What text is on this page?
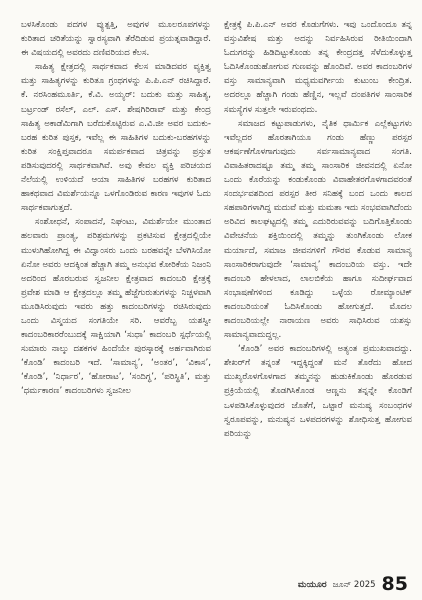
ಬಳಸಿಕೊಂಡು ಪದಗಳ ವ್ಯುತ್ಪತ್ತಿ, ಅವುಗಳ ಮೂಲರೂಪಗಳನ್ನು ಕುರಿತಾದ ಚರಿತೆಯನ್ನು ಸ್ವಾರಸ್ಯವಾಗಿ ತೆರೆದಿಡುವ ಪ್ರಯತ್ನವಾಡಿದ್ದಾರೆ. ಈ ವಿಷಯದಲ್ಲಿ ಅವರದು ದಣಿವರಿಯದ ಕೆಲಸ.

ಸಾಹಿತ್ಯ ಕ್ಷೇತ್ರದಲ್ಲಿ ಸಾರ್ಥಕವಾದ ಕೆಲಸ ಮಾಡಿದವರ ವ್ಯಕ್ತಿತ್ವ ಮತ್ತು ಸಾಹಿತ್ಯಗಳನ್ನು ಕುರಿತೂ ಗ್ರಂಥಗಳನ್ನು ಪಿ.ಪಿ.ಎನ್ ರಚಿಸಿದ್ದಾರೆ. ಕೆ. ನರಸಿಂಹಮೂರ್ತಿ, ಕೆ.ವಿ. ಅಯ್ಯರ್: ಬದುಕು ಮತ್ತು ಸಾಹಿತ್ಯ, ಬರ್ಟ್ರಂಡ್ ರಸೆಲ್, ಎಲ್. ಎಸ್. ಶೇಷಗಿರಿರಾವ್ ಮತ್ತು ಕೇಂದ್ರ ಸಾಹಿತ್ಯ ಅಕಾಡೆಮಿಗಾಗಿ ಬರೆದುಕೊಟ್ಟಿರುವ ಎ.ವಿ.ಜೀ ಅವರ ಬದುಕು-ಬರಹ ಕುರಿತ ಪುಸ್ತಕ, ಇವೆಲ್ಲ ಈ ಸಾಹಿತಿಗಳ ಬದುಕು-ಬರಹಗಳನ್ನು ಕುರಿತ ಸಂಕ್ಷಿಪ್ತವಾದರೂ ಸಮರ್ಪಕವಾದ ಚಿತ್ರವನ್ನು ಪ್ರಸ್ತುತ ಪಡಿಸುವುದರಲ್ಲಿ ಸಾರ್ಥಕವಾಗಿವೆ. ಅವು ಕೇವಲ ವ್ಯಕ್ತಿ ಪರಿಚಯದ ನೆಲೆಯಲ್ಲಿ ಉಳಿಯದೆ ಆಯಾ ಸಾಹಿತಿಗಳ ಬರಹಗಳ ಕುರಿತಾದ ಹಾಕಥವಾದ ವಿಮರ್ಶೆಯನ್ನೂ ಒಳಗೊಂಡಿರುವ ಕಾರಣ ಇವುಗಳ ಓದು ಸಾರ್ಥಕವಾಗುತ್ತದೆ.

ಸಂಶೋಧನೆ, ಸಂಪಾದನೆ, ನಿಘಂಟು, ವಿಮರ್ಶೆಯೇ ಮುಂತಾದ ಹಲವಾರು ಪ್ರಾಂತ್ಯ, ಪರಿಶ್ರಮಗಳನ್ನು ಪ್ರಕಟಿಸುವ ಕ್ಷೇತ್ರದಲ್ಲಿಯೇ ಮುಳುಗಿಹೋಗಿದ್ದ ಈ ವಿದ್ವಾಂಸರು ಒಂದು ಬರಹವನ್ನೇ ಬೆಳಗಿಸಿಯೋ ಏನೋ ಅವರು ಆದಕ್ಕಿಂತ ಹೆಚ್ಚಾಗಿ ತಮ್ಮ ಅನುಭವ ಕೋರಿಕೆಯ ನಿಜಂನಿ ಅದರಿಂದ ಹೊರಬರುವ ಸ್ವಜನೀಲ ಕ್ಷೇತ್ರವಾದ ಕಾದಂಬರಿ ಕ್ಷೇತ್ರಕ್ಕೆ ಪ್ರವೇಶ ಮಾಡಿ ಆ ಕ್ಷೇತ್ರದಲ್ಲೂ ತಮ್ಮ ಹೆಜ್ಜೆಗುರುತುಗಳನ್ನು ನಿಚ್ಚಳವಾಗಿ ಮೂಡಿಸಿರುವುದು ಇವರು ಹತ್ತು ಕಾದಂಬರಿಗಳನ್ನು ರಚಿಸಿರುವುದು ಒಂದು ವಿಸ್ಮಯದ ಸಂಗತಿಯೇ ಸರಿ. ಆವರೆಬ್ಬ ಯಶಸ್ವೀ ಕಾದಂಬರಿಕಾರರೆಂಬುದಕ್ಕೆ ಸಾಕ್ಷಿಯಾಗಿ ‘ಸುಧಾ’ ಕಾದಂಬರಿ ಸ್ಪರ್ಧೆಯಲ್ಲಿ ಸುಮಾರು ನಾಲ್ಕು ದಶಕಗಳ ಹಿಂದೆಯೇ ಪುರಸ್ಕಾರಕ್ಕೆ ಅರ್ಹವಾಗಿರುವ ‘ಕೊಂಡಿ’ ಕಾದಂಬರಿ ಇದೆ. ‘ಸಾಮಾನ್ಯ’, ‘ಅಂತರ’, ‘ವಿಕಾಸ’, ‘ಕೊಂಡಿ’, ‘ನಿರ್ಧಾರ’, ‘ಹೋರಾಟ’, ‘ಸಂದಿಗ್ಧ’, ‘ಪರಿಸ್ಥಿತಿ’, ಮತ್ತು ‘ಧರ್ಮಕಾರಣ’ ಕಾದಂಬರಿಗಳು ಸ್ವಜನೀಲ

ಕ್ಷೇತ್ರಕ್ಕೆ ಪಿ.ಪಿ.ಎನ್ ಅವರ ಕೊಡುಗೆಗಳು. ಇವು ಒಂದೊಂದೂ ತನ್ನ ವಸ್ತುವಿಶೇಷ ಮತ್ತು ಅದನ್ನು ನಿರ್ವಹಿಸಿರುವ ರೀತಿಯಿಂದಾಗಿ ಓದುಗರನ್ನು ಹಿಡಿದಿಟ್ಟುಕೊಂಡು ತನ್ನ ಕೇಂದ್ರದತ್ತ ಸೆಳೆದುಕೊಳ್ಳುತ್ತ ಓದಿಸಿಕೊಂಡುಹೋಗುವ ಗುಣವನ್ನು ಹೊಂದಿವೆ. ಅವರ ಕಾದಂಬರಿಗಳ ವಸ್ತು ಸಾಮಾನ್ಯವಾಗಿ ಮಧ್ಯಮವರ್ಗೀಯ ಕುಟುಂಬ ಕೇಂದ್ರಿತ. ಅದರಲ್ಲೂ ಹೆಚ್ಚಾಗಿ ಗಂಡು ಹೆಣ್ಣಿನ, ಇಲ್ಲವೆ ದಂಪತಿಗಳ ಸಾಂಸಾರಿಕ ಸಮಸ್ಯೆಗಳ ಸುತ್ತಲೇ ಇರುವಂಥದು.

ಸಮಾಜದ ಕಟ್ಟುಪಾಡುಗಳು, ನೈತಿಕ ಧಾರ್ಮಿಕ ಎಲ್ಲೆಕಟ್ಟುಗಳು ಇವೆಲ್ಲದರ ಹೊರತಾಗಿಯೂ ಗಂಡು ಹೆಣ್ಣು ಪರಸ್ಪರ ಆಕರ್ಷಣೆಗೊಳಗಾಗುವುದು ಸರ್ವಸಾಮಾನ್ಯವಾದ ಸಂಗತಿ. ವಿವಾಹಿತರಾದಷ್ಟೂ ತಮ್ಮ ತಮ್ಮ ಸಾಂಸಾರಿಕ ಜೀವನದಲ್ಲಿ ಏನೋ ಒಂದು ಕೊರೆಯನ್ನು ಕಂಡುಕೊಂಡು ವಿವಾಹೇತರಗೊಳಗಾದವರಂತೆ ಸಂದರ್ಭವಶದಿಂದ ಪರಸ್ಪರ ತೀರ ಸನಿಹಕ್ಕೆ ಬಂದ ಒಂದು ಕಾಲದ ಸಹಪಾಠಿಗಳಾಗಿದ್ದ ಮದುವೆ ಮತ್ತು ಮಮತಾ ಇದು ಸಂಭವವಾಗಿದೆಂದು ಅರಿವಿದ ಕಾಲಘಟ್ಟದಲ್ಲಿ ತಮ್ಮ ಎದುರಿರುವವನ್ನು ಬದಿಗೊತ್ತಿಕೊಂಡು ವಿವೇಚನೆಯ ಶಕ್ತಿಯಿಂದಲ್ಲಿ ತಮ್ಮನ್ನು ತುಂಗಿಕೊಂಡು ಲೋಕ ಮರ್ಯಾದೆ, ಸಮಾಜ ಜೀವನಗಳಿಗೆ ಗೌರವ ಕೊಡುವ ಸಾಮಾನ್ಯ ಸಾಂಸಾರಿಕರಾಗುವುದೇ ‘ಸಾಮಾನ್ಯ’ ಕಾದಂಬರಿಯ ವಸ್ತು. ಇದೇ ಕಾದಂಬರಿ ಹೇಳಲಾದ, ಲಾಲಬಿಕೆಯ ಹಾಗೂ ಸುದೀರ್ಘವಾದ ಸಂಭಾಷಣೆಗಳಿಂದ ಕೂಡಿದ್ದು ಒಳ್ಳೆಯ ರೋಮ್ಯಾಂಟಿಕ್ ಕಾದಂಬರಿಯಂತೆ ಓದಿಸಿಕೊಂಡು ಹೋಗುತ್ತದೆ. ಮೊದಲ ಕಾದಂಬರಿಯಲ್ಲೇ ನಾರಾಯಣ ಅವರು ಸಾಧಿಸಿರುವ ಯಶಸ್ಸು ಸಾಮಾನ್ಯವಾದುದ್ದಲ್ಲ.

‘ಕೊಂಡಿ’ ಅವರ ಕಾದಂಬರಿಗಳಲ್ಲಿ ಅತ್ಯಂತ ಪ್ರಮುಖವಾದದ್ದು. ಶೇಖರ್‌ಗೆ ತನ್ನಂತೆ ಇದ್ದಕ್ಕಿದ್ದಂತೆ ಮನೆ ತೊರೆದು ಹೋದ ಮುಖ್ಯರೊಳಗೊಳಗಾದ ತಮ್ಮನನ್ನು ಹುಡುಕಿಕೊಂಡು ಹೊರಡುವ ಪ್ರಕ್ರಿಯೆಯಲ್ಲಿ ತೊಡಗಿಸಿಕೊಂಡ ಆಣ್ಣನು ತನ್ನನ್ನೇ ಕೊಂಡಿಗೆ ಒಳಪಡಿಸಿಕೊಳ್ಳುವುದರ ಜೊತೆಗೆ, ಒಟ್ಟಾರೆ ಮನುಷ್ಯ ಸಂಬಂಧಗಳ ಸ್ವರೂಪವನ್ನು, ಮನುಷ್ಯನ ಒಳಪದರಗಳನ್ನು ಶೋಧಿಸುತ್ತ ಹೋಗುವ ಪರಿಯನ್ನು

ಮಯೂರ ಜೂನ್ 2025 85
